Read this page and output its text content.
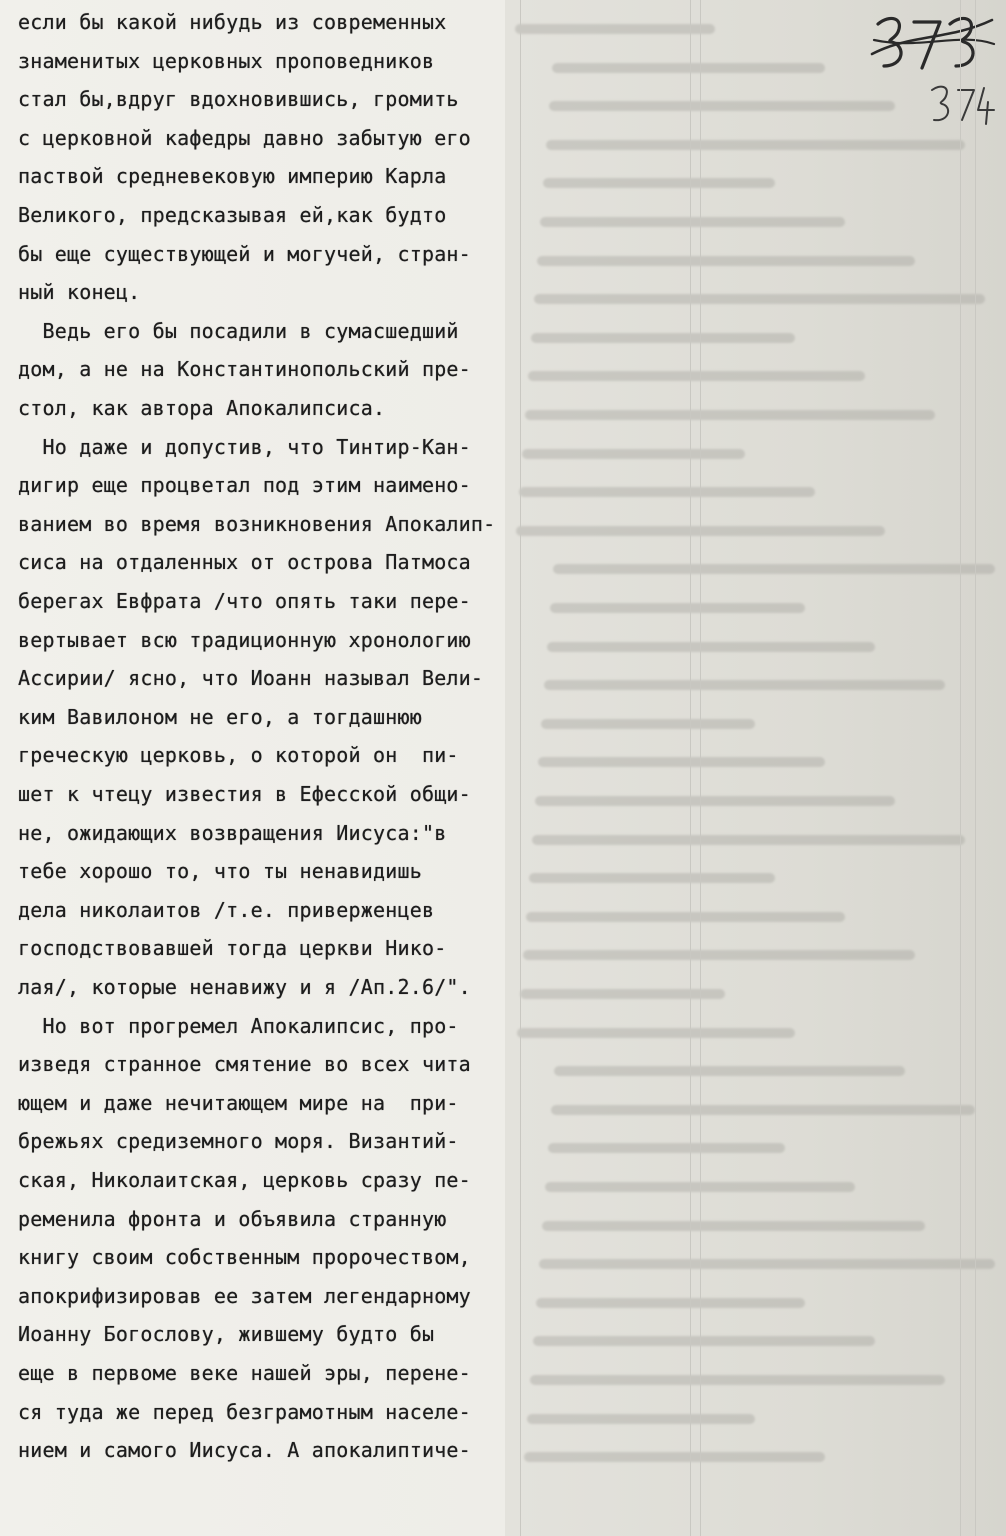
если бы какой нибудь из современных
знаменитых церковных проповедников
стал бы,вдруг вдохновившись, громить
с церковной кафедры давно забытую его
паствой средневековую империю Карла
Великого, предсказывая ей,как будто
бы еще существующей и могучей, стран-
ный конец.
Ведь его бы посадили в сумасшедший
дом, а не на Константинопольский пре-
стол, как автора Апокалипсиса.
Но даже и допустив, что Тинтир-Кан-
дигир еще процветал под этим наимено-
ванием во время возникновения Апокалип-
сиса на отдаленных от острова Патмоса
берегах Евфрата /что опять таки пере-
вертывает всю традиционную хронологию
Ассирии/ ясно, что Иоанн называл Вели-
ким Вавилоном не его, а тогдашнюю
греческую церковь, о которой он  пи-
шет к чтецу известия в Ефесской общи-
не, ожидающих возвращения Иисуса:"в
тебе хорошо то, что ты ненавидишь
дела николаитов /т.е. приверженцев
господствовавшей тогда церкви Нико-
лая/, которые ненавижу и я /Ап.2.6/".
Но вот прогремел Апокалипсис, про-
изведя странное смятение во всех чита
ющем и даже нечитающем мире на  при-
брежьях средиземного моря. Византий-
ская, Николаитская, церковь сразу пе-
ременила фронта и объявила странную
книгу своим собственным пророчеством,
апокрифизировав ее затем легендарному
Иоанну Богослову, жившему будто бы
еще в первоме веке нашей эры, перене-
ся туда же перед безграмотным населе-
нием и самого Иисуса. А апокалиптиче-
